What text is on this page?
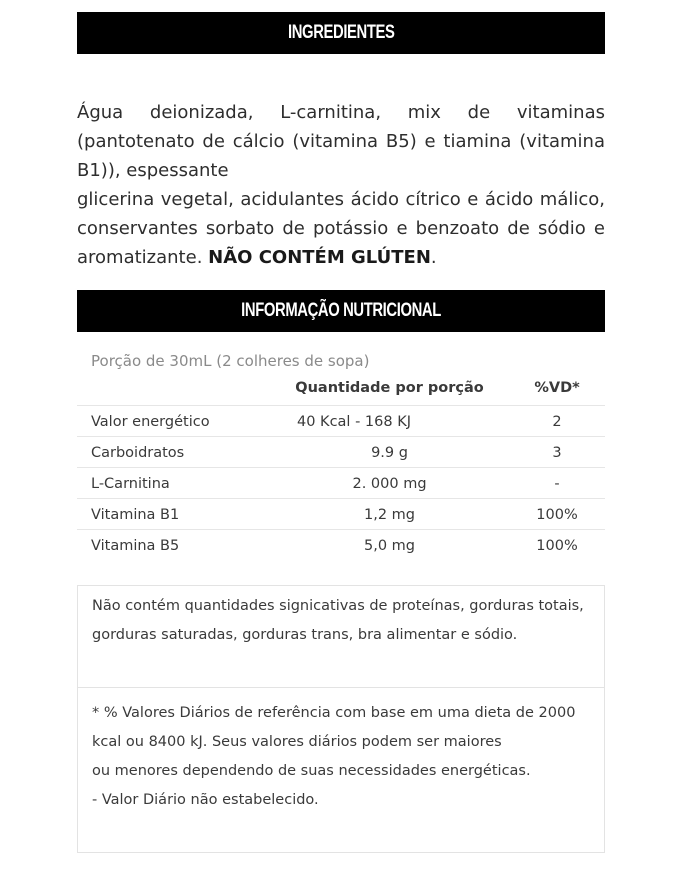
INGREDIENTES

Água deionizada, L-carnitina, mix de vitaminas (pantotenato de cálcio (vitamina B5) e tiamina (vitamina B1)), espessante

glicerina vegetal, acidulantes ácido cítrico e ácido málico, conservantes sorbato de potássio e benzoato de sódio e aromatizante. NÃO CONTÉM GLÚTEN.

INFORMAÇÃO NUTRICIONAL
Porção de 30mL (2 colheres de sopa)
Quantidade por porção	%VD*
Valor energético	40 Kcal - 168 KJ	2
Carboidratos	9.9 g	3
L-Carnitina	2. 000 mg	-
Vitamina B1	1,2 mg	100%
Vitamina B5	5,0 mg	100%

Não contém quantidades signicativas de proteínas, gorduras totais, gorduras saturadas, gorduras trans, bra alimentar e sódio.

* % Valores Diários de referência com base em uma dieta de 2000 kcal ou 8400 kJ. Seus valores diários podem ser maiores

ou menores dependendo de suas necessidades energéticas.

- Valor Diário não estabelecido.
